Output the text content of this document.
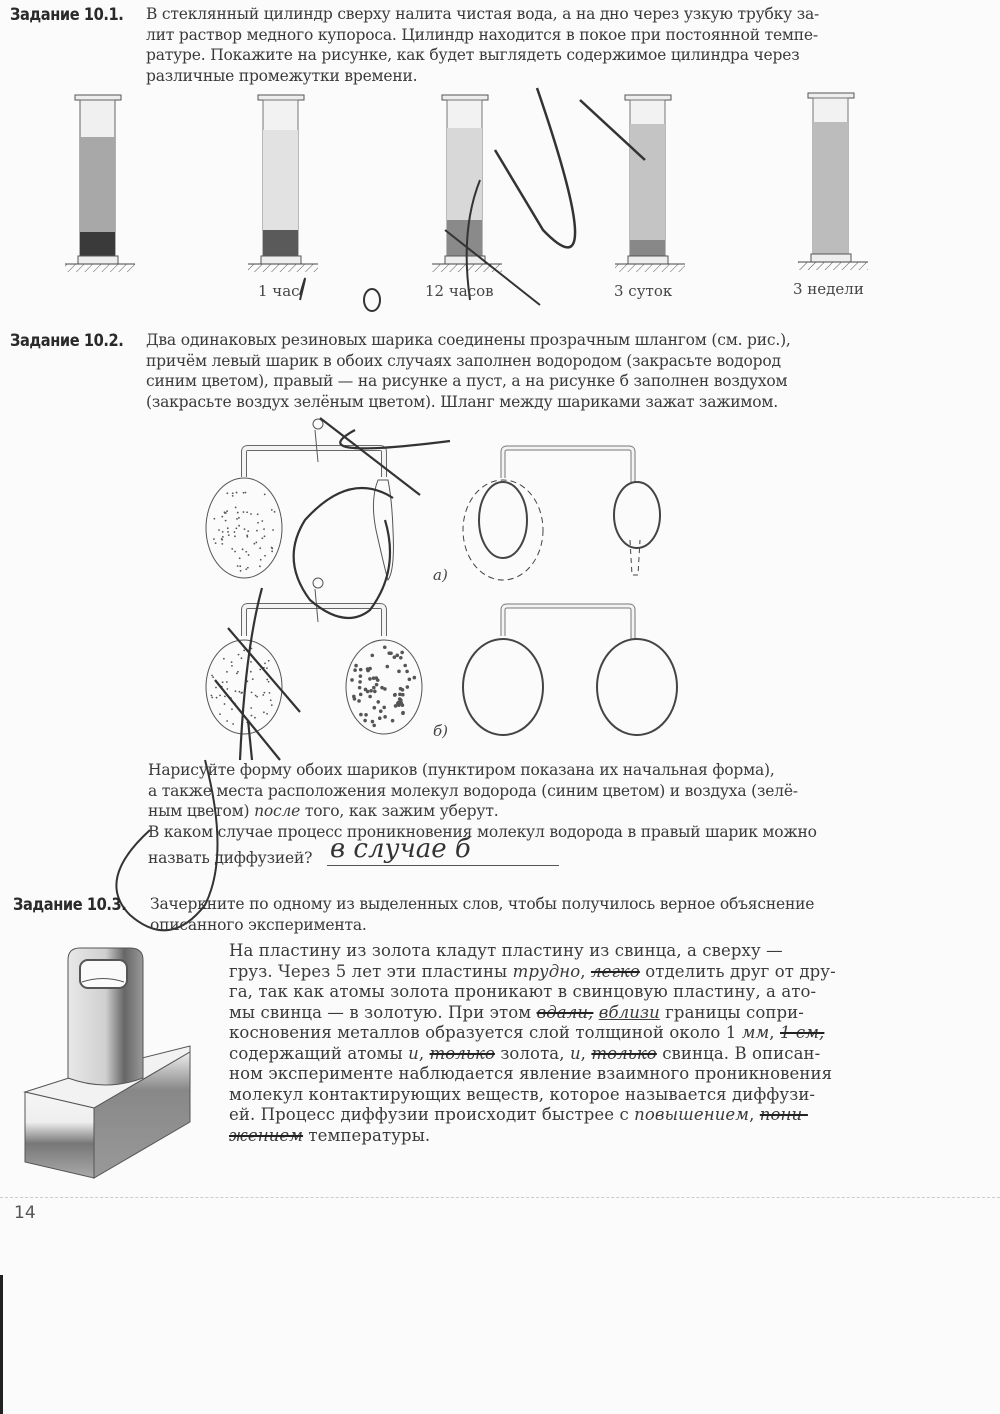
Задание 10.1. В стеклянный цилиндр сверху налита чистая вода, а на дно через узкую трубку за-
лит раствор медного купороса. Цилиндр находится в покое при постоянной темпе-
ратуре. Покажите на рисунке, как будет выглядеть содержимое цилиндра через
различные промежутки времени.
1 час	12 часов	3 суток	3 недели
Задание 10.2. Два одинаковых резиновых шарика соединены прозрачным шлангом (см. рис.),
причём левый шарик в обоих случаях заполнен водородом (закрасьте водород
синим цветом), правый — на рисунке а пуст, а на рисунке б заполнен воздухом
(закрасьте воздух зелёным цветом). Шланг между шариками зажат зажимом.
а)
б)
Нарисуйте форму обоих шариков (пунктиром показана их начальная форма),
а также места расположения молекул водорода (синим цветом) и воздуха (зелё-
ным цветом) после того, как зажим уберут.
В каком случае процесс проникновения молекул водорода в правый шарик можно
назвать диффузией? в случае б
Задание 10.3. Зачеркните по одному из выделенных слов, чтобы получилось верное объяснение
описанного эксперимента.
На пластину из золота кладут пластину из свинца, а сверху —
груз. Через 5 лет эти пластины трудно, легко отделить друг от дру-
га, так как атомы золота проникают в свинцовую пластину, а ато-
мы свинца — в золотую. При этом вдали, вблизи границы сопри-
косновения металлов образуется слой толщиной около 1 мм, 1 см,
содержащий атомы и, только золота, и, только свинца. В описан-
ном эксперименте наблюдается явление взаимного проникновения
молекул контактирующих веществ, которое называется диффузи-
ей. Процесс диффузии происходит быстрее с повышением, пони-
жением температуры.
14
